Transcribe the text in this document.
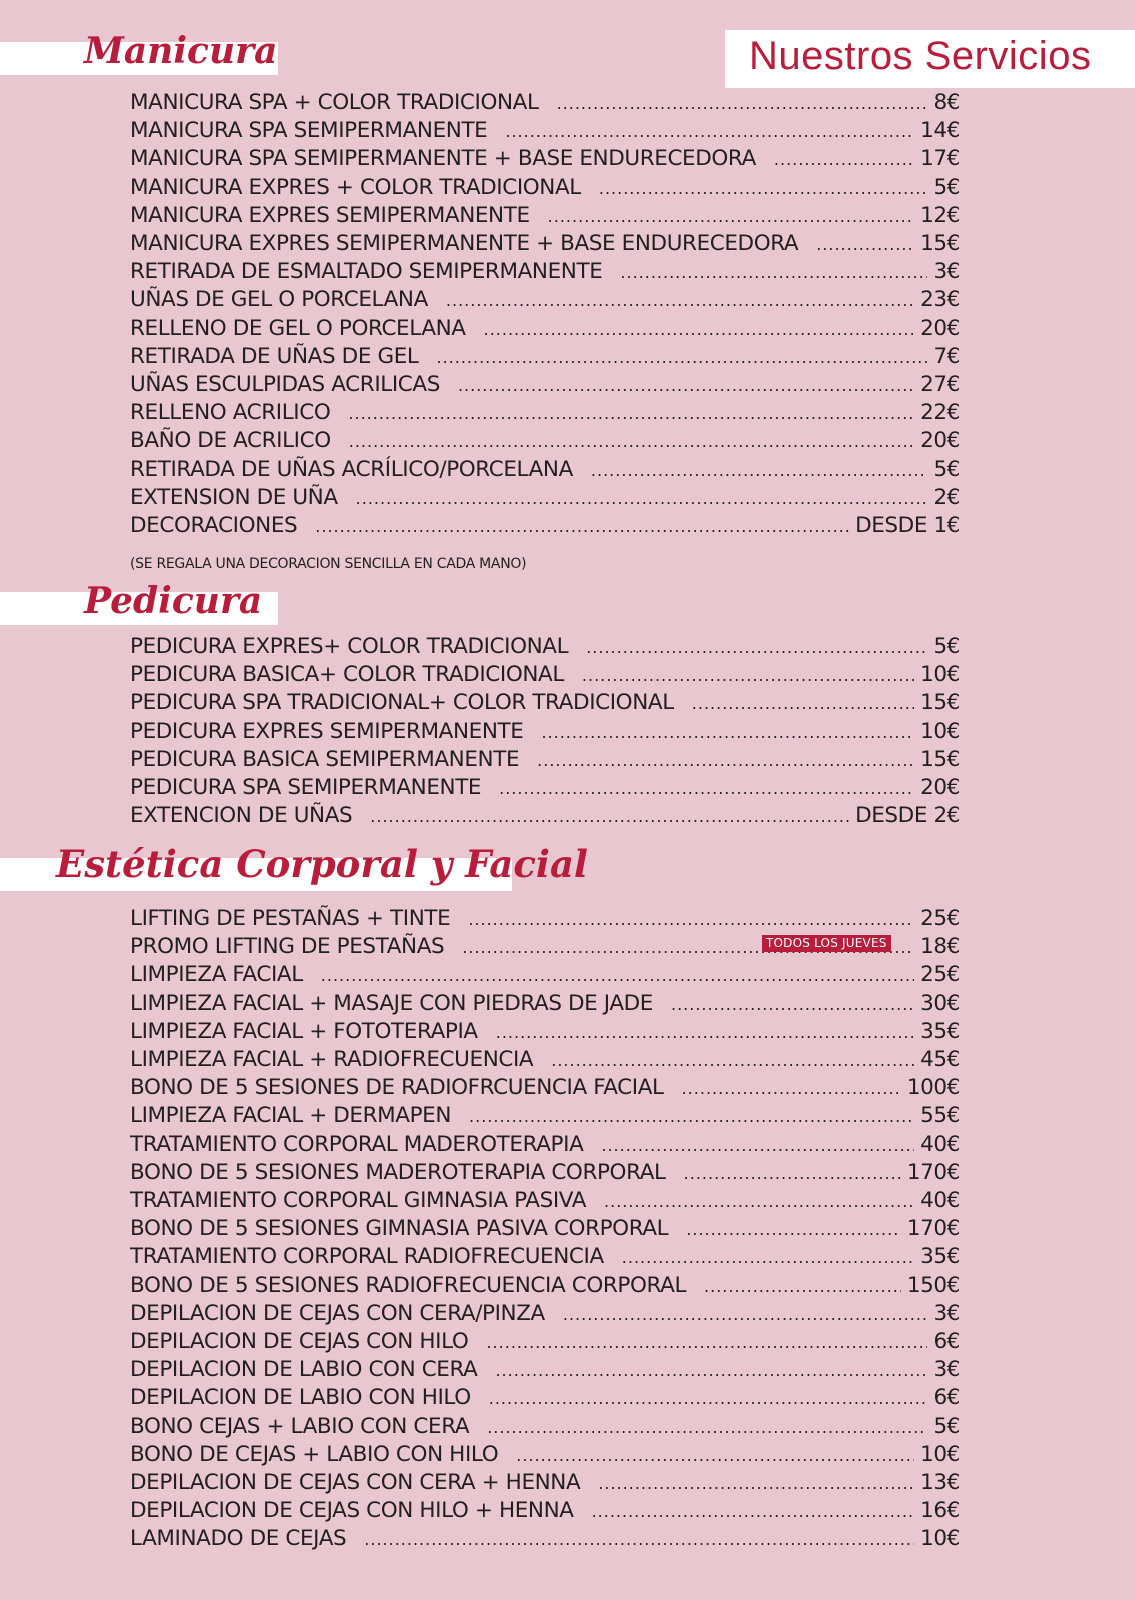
Nuestros Servicios
Manicura
MANICURA SPA + COLOR TRADICIONAL .....	8€
MANICURA SPA SEMIPERMANENTE .....	14€
MANICURA SPA SEMIPERMANENTE + BASE ENDURECEDORA .....	17€
MANICURA EXPRES + COLOR TRADICIONAL .....	5€
MANICURA EXPRES SEMIPERMANENTE .....	12€
MANICURA EXPRES SEMIPERMANENTE + BASE ENDURECEDORA .....	15€
RETIRADA DE ESMALTADO SEMIPERMANENTE .....	3€
UÑAS DE GEL O PORCELANA .....	23€
RELLENO DE GEL O PORCELANA .....	20€
RETIRADA DE UÑAS DE GEL .....	7€
UÑAS ESCULPIDAS ACRILICAS .....	27€
RELLENO ACRILICO .....	22€
BAÑO DE ACRILICO .....	20€
RETIRADA DE UÑAS ACRÍLICO/PORCELANA .....	5€
EXTENSION DE UÑA .....	2€
DECORACIONES .....	DESDE 1€
(SE REGALA UNA DECORACION SENCILLA EN CADA MANO)
Pedicura
PEDICURA EXPRES+ COLOR TRADICIONAL .....	5€
PEDICURA BASICA+ COLOR TRADICIONAL .....	10€
PEDICURA SPA TRADICIONAL+ COLOR TRADICIONAL .....	15€
PEDICURA EXPRES SEMIPERMANENTE .....	10€
PEDICURA BASICA SEMIPERMANENTE .....	15€
PEDICURA SPA SEMIPERMANENTE .....	20€
EXTENCION DE UÑAS .....	DESDE 2€
Estética Corporal y Facial
LIFTING DE PESTAÑAS + TINTE .....	25€
PROMO LIFTING DE PESTAÑAS .....	18€
LIMPIEZA FACIAL .....	25€
LIMPIEZA FACIAL + MASAJE CON PIEDRAS DE JADE .....	30€
LIMPIEZA FACIAL + FOTOTERAPIA .....	35€
LIMPIEZA FACIAL + RADIOFRECUENCIA .....	45€
BONO DE 5 SESIONES DE RADIOFRCUENCIA FACIAL .....	100€
LIMPIEZA FACIAL + DERMAPEN .....	55€
TRATAMIENTO CORPORAL MADEROTERAPIA .....	40€
BONO DE 5 SESIONES MADEROTERAPIA CORPORAL .....	170€
TRATAMIENTO CORPORAL GIMNASIA PASIVA .....	40€
BONO DE 5 SESIONES GIMNASIA PASIVA CORPORAL .....	170€
TRATAMIENTO CORPORAL RADIOFRECUENCIA .....	35€
BONO DE 5 SESIONES RADIOFRECUENCIA CORPORAL .....	150€
DEPILACION DE CEJAS CON CERA/PINZA .....	3€
DEPILACION DE CEJAS CON HILO .....	6€
DEPILACION DE LABIO CON CERA .....	3€
DEPILACION DE LABIO CON HILO .....	6€
BONO CEJAS + LABIO CON CERA .....	5€
BONO DE CEJAS + LABIO CON HILO .....	10€
DEPILACION DE CEJAS CON CERA + HENNA .....	13€
DEPILACION DE CEJAS CON HILO + HENNA .....	16€
LAMINADO DE CEJAS .....	10€
TODOS LOS JUEVES
